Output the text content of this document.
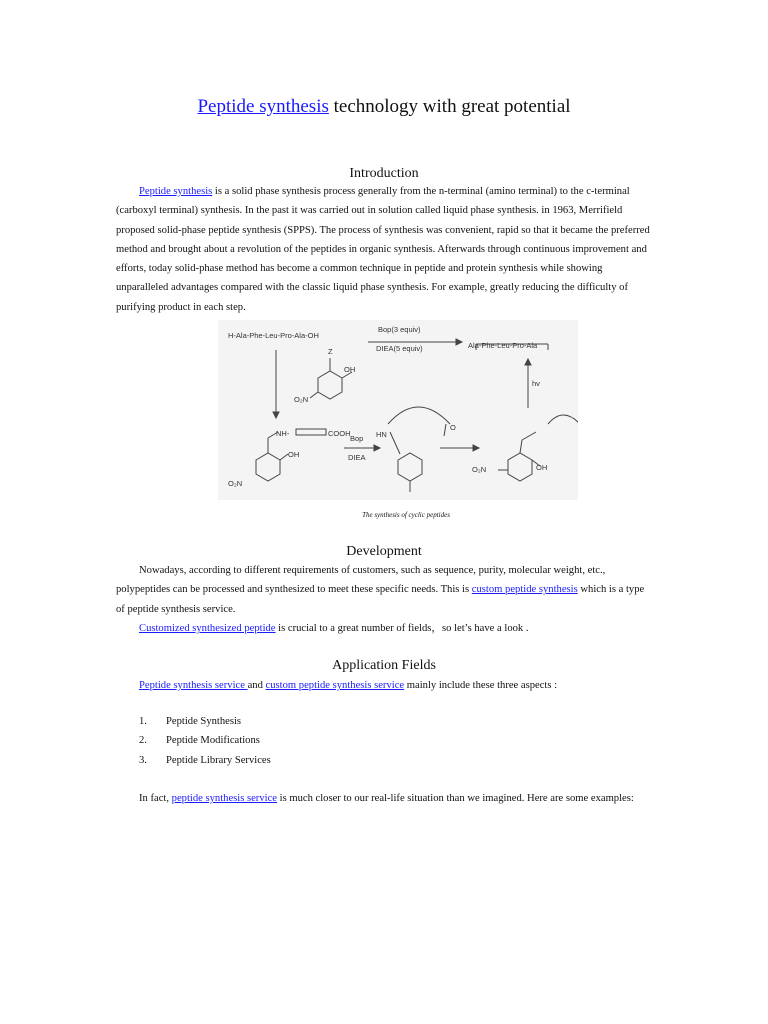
Peptide synthesis technology with great potential
Introduction

Peptide synthesis is a solid phase synthesis process generally from the n-terminal (amino terminal) to the c-terminal (carboxyl terminal) synthesis. In the past it was carried out in solution called liquid phase synthesis. in 1963, Merrifield proposed solid-phase peptide synthesis (SPPS). The process of synthesis was convenient, rapid so that it became the preferred method and brought about a revolution of the peptides in organic synthesis. Afterwards through continuous improvement and efforts, today solid-phase method has become a common technique in peptide and protein synthesis while showing unparalleled advantages compared with the classic liquid phase synthesis. For example, greatly reducing the difficulty of purifying product in each step.

H-Ala-Phe-Leu-Pro-Ala-OH
Bop(3 equiv)
DIEA(5 equiv)	Ala-Phe-Leu-Pro-Ala
Z
OH
O₂N
NH-	COOH
OH
O₂N
Bop
DIEA
HN
O
O₂N	OH
hv
The synthesis of cyclic peptides
Development

Nowadays, according to different requirements of customers, such as sequence, purity, molecular weight, etc., polypeptides can be processed and synthesized to meet these specific needs. This is custom peptide synthesis which is a type of peptide synthesis service.

Customized synthesized peptide is crucial to a great number of fields，so let’s have a look .

Application Fields

Peptide synthesis service and custom peptide synthesis service mainly include these three aspects :

1.	Peptide Synthesis
2.	Peptide Modifications
3.	Peptide Library Services

In fact, peptide synthesis service is much closer to our real-life situation than we imagined. Here are some examples:
